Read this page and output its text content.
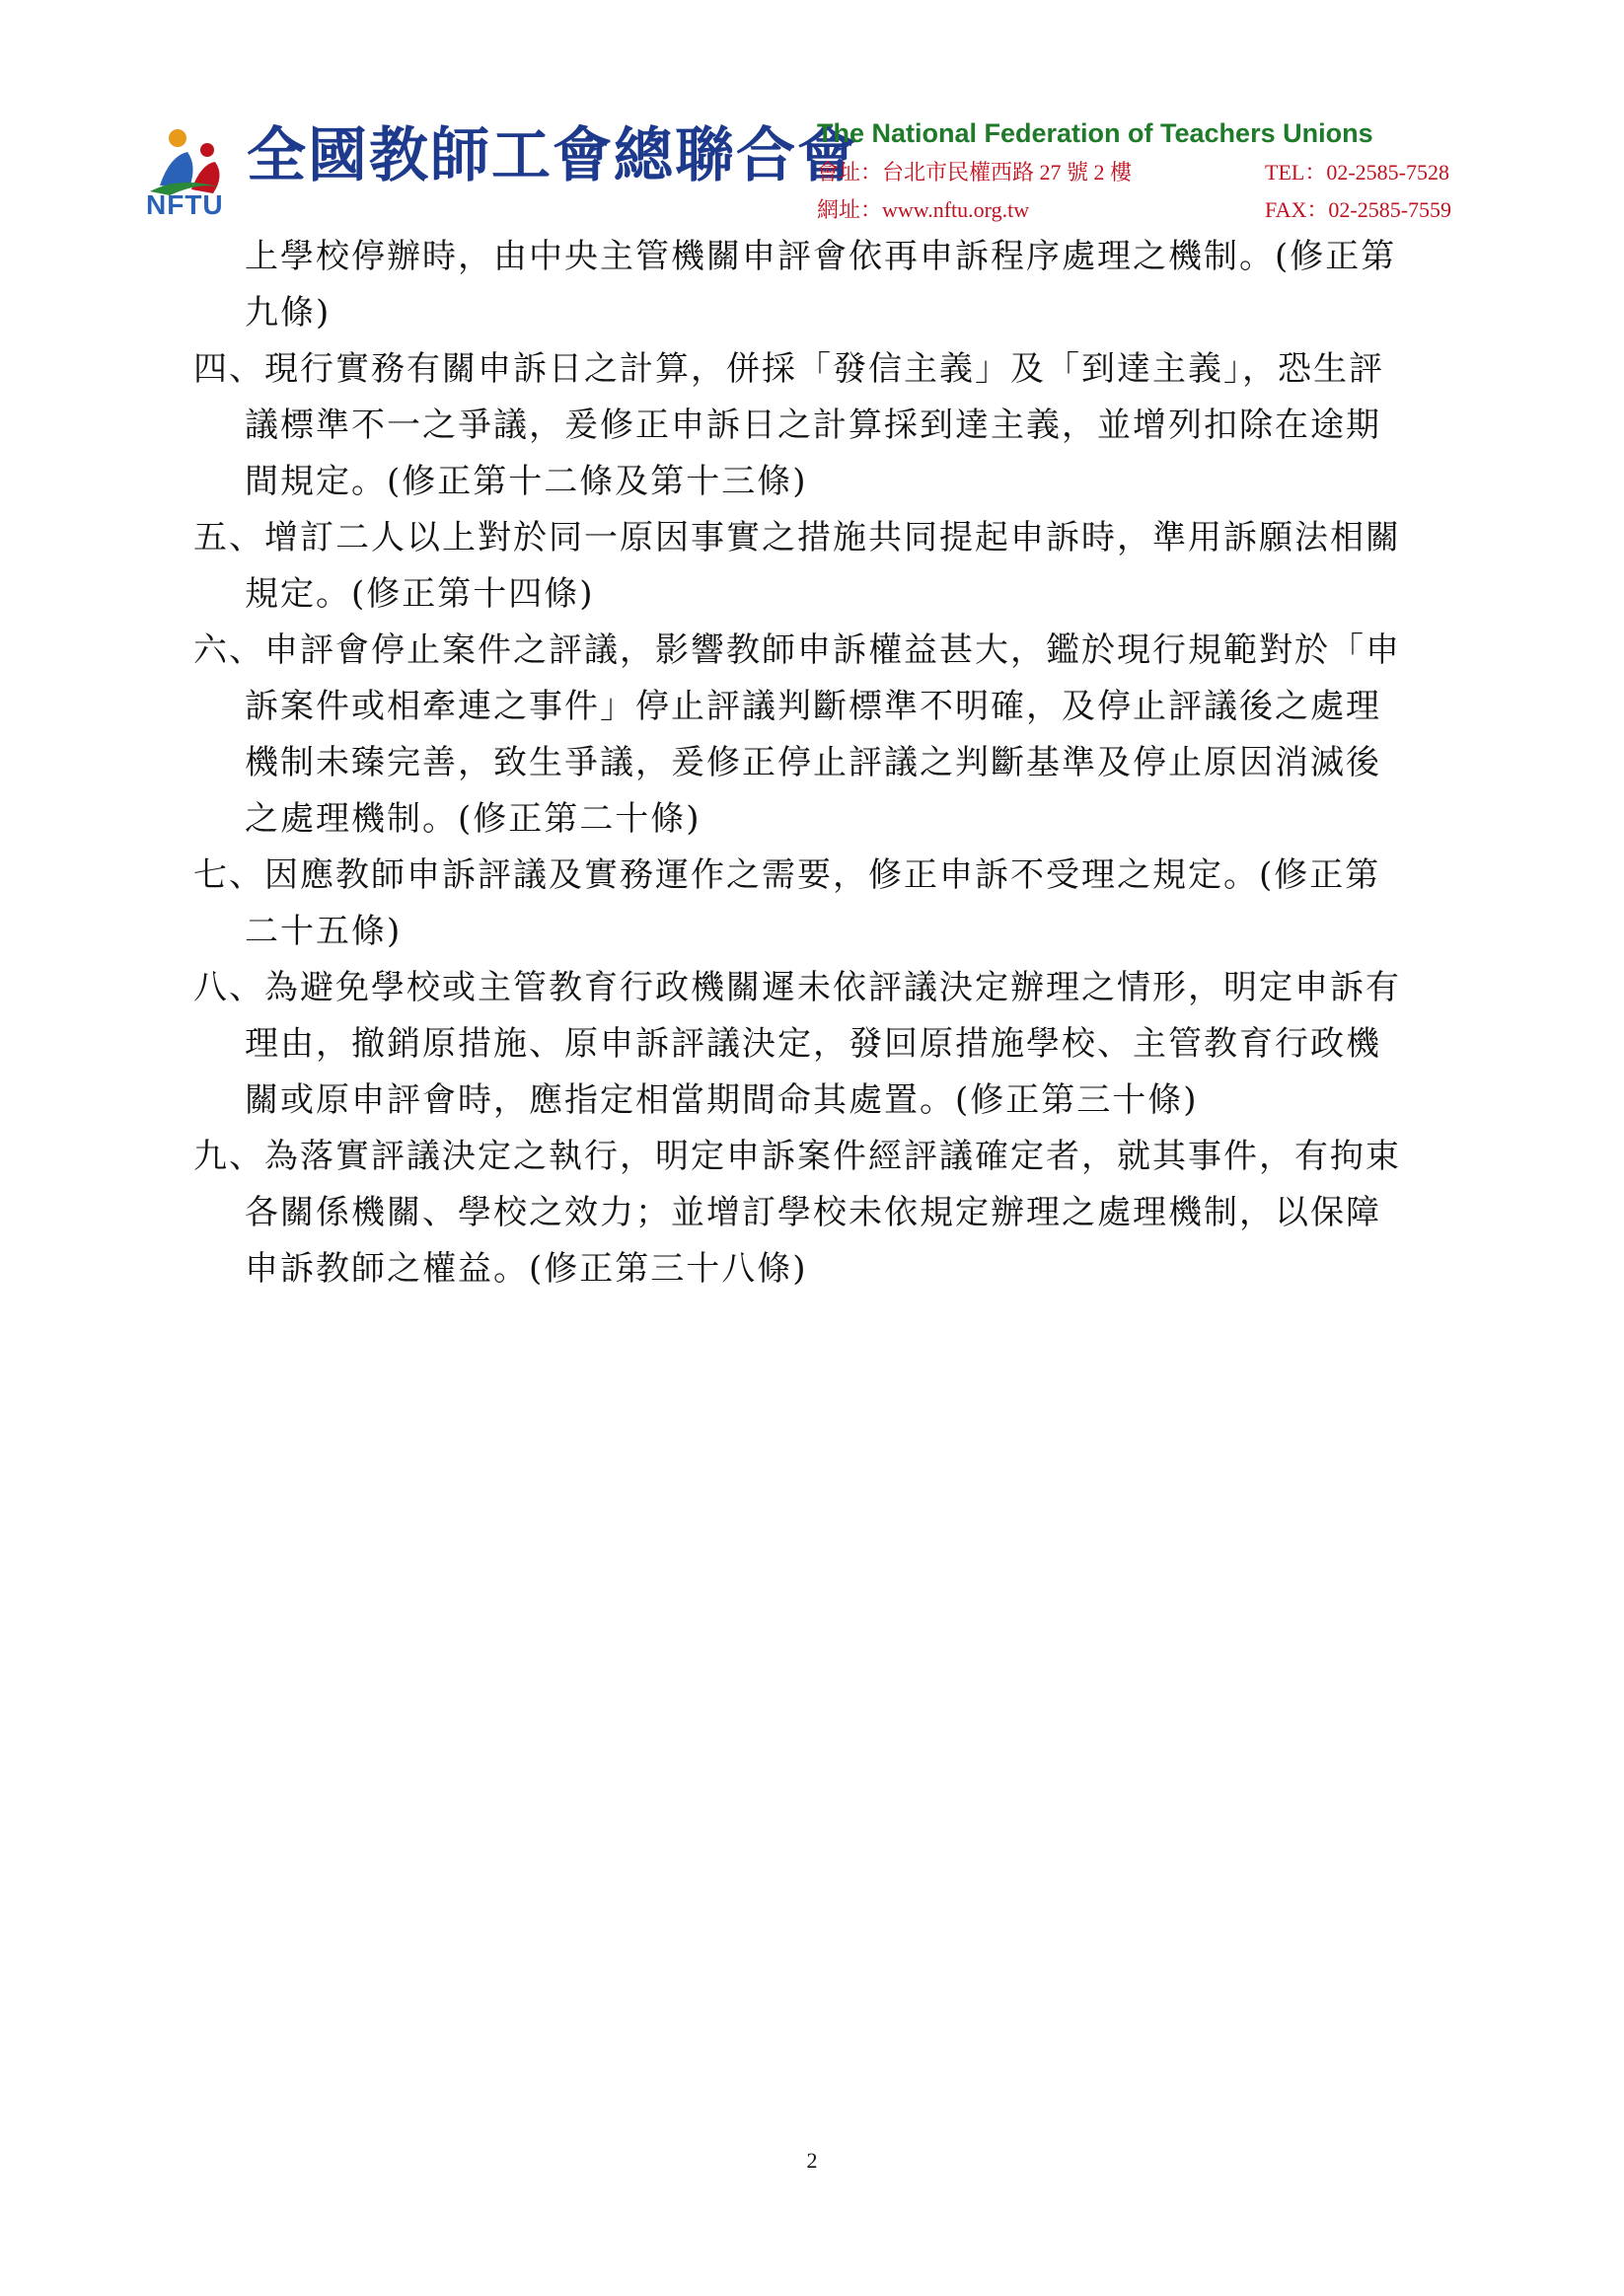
NFTU
全國教師工會總聯合會
The National Federation of Teachers Unions
會址：台北市民權西路 27 號 2 樓	TEL：02-2585-7528
網址：www.nftu.org.tw	FAX：02-2585-7559
上學校停辦時，由中央主管機關申評會依再申訴程序處理之機制。(修正第
九條)
四、現行實務有關申訴日之計算，併採「發信主義」及「到達主義」，恐生評
議標準不一之爭議，爰修正申訴日之計算採到達主義，並增列扣除在途期
間規定。(修正第十二條及第十三條)
五、增訂二人以上對於同一原因事實之措施共同提起申訴時，準用訴願法相關
規定。(修正第十四條)
六、申評會停止案件之評議，影響教師申訴權益甚大，鑑於現行規範對於「申
訴案件或相牽連之事件」停止評議判斷標準不明確，及停止評議後之處理
機制未臻完善，致生爭議，爰修正停止評議之判斷基準及停止原因消滅後
之處理機制。(修正第二十條)
七、因應教師申訴評議及實務運作之需要，修正申訴不受理之規定。(修正第
二十五條)
八、為避免學校或主管教育行政機關遲未依評議決定辦理之情形，明定申訴有
理由，撤銷原措施、原申訴評議決定，發回原措施學校、主管教育行政機
關或原申評會時，應指定相當期間命其處置。(修正第三十條)
九、為落實評議決定之執行，明定申訴案件經評議確定者，就其事件，有拘束
各關係機關、學校之效力；並增訂學校未依規定辦理之處理機制，以保障
申訴教師之權益。(修正第三十八條)
2
